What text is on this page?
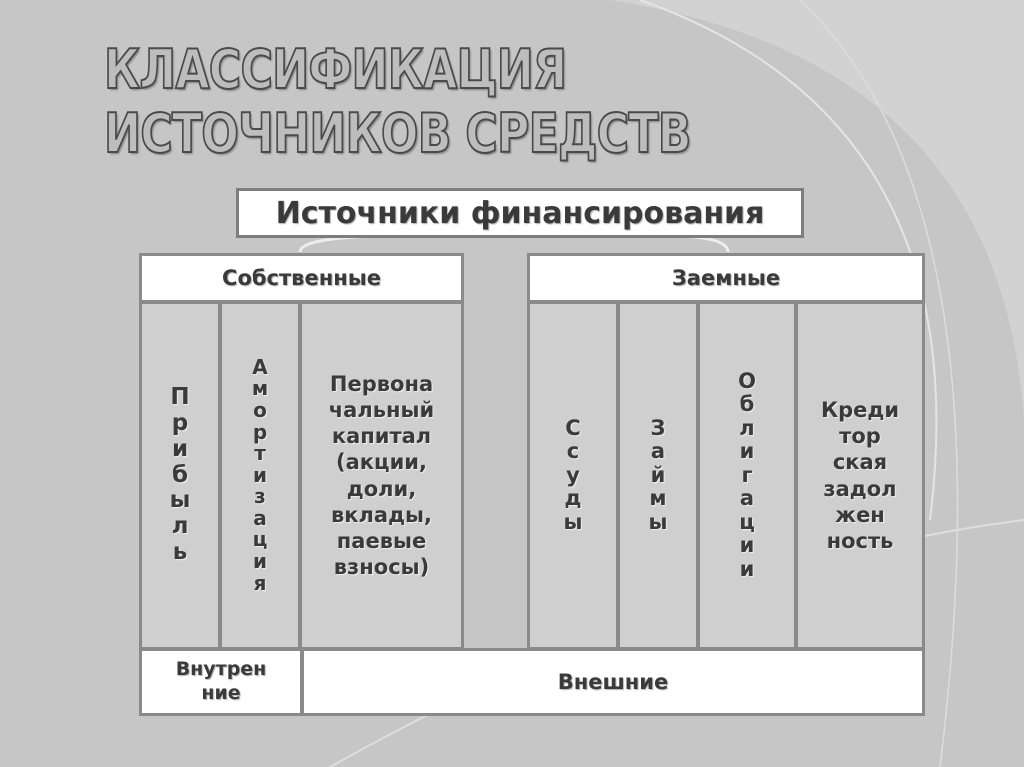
КЛАССИФИКАЦИЯ ИСТОЧНИКОВ СРЕДСТВ
Источники финансирования
Собственные	Заемные
П
р
и
б
ы
л
ь
А
м
о
р
т
и
з
а
ц
и
я
Первона
чальный
капитал
(акции,
доли,
вклады,
паевые
взносы)
С
с
у
д
ы
З
а
й
м
ы
О
б
л
и
г
а
ц
и
и
Креди
тор
ская
задол
жен
ность
Внутрен
ние	Внешние
